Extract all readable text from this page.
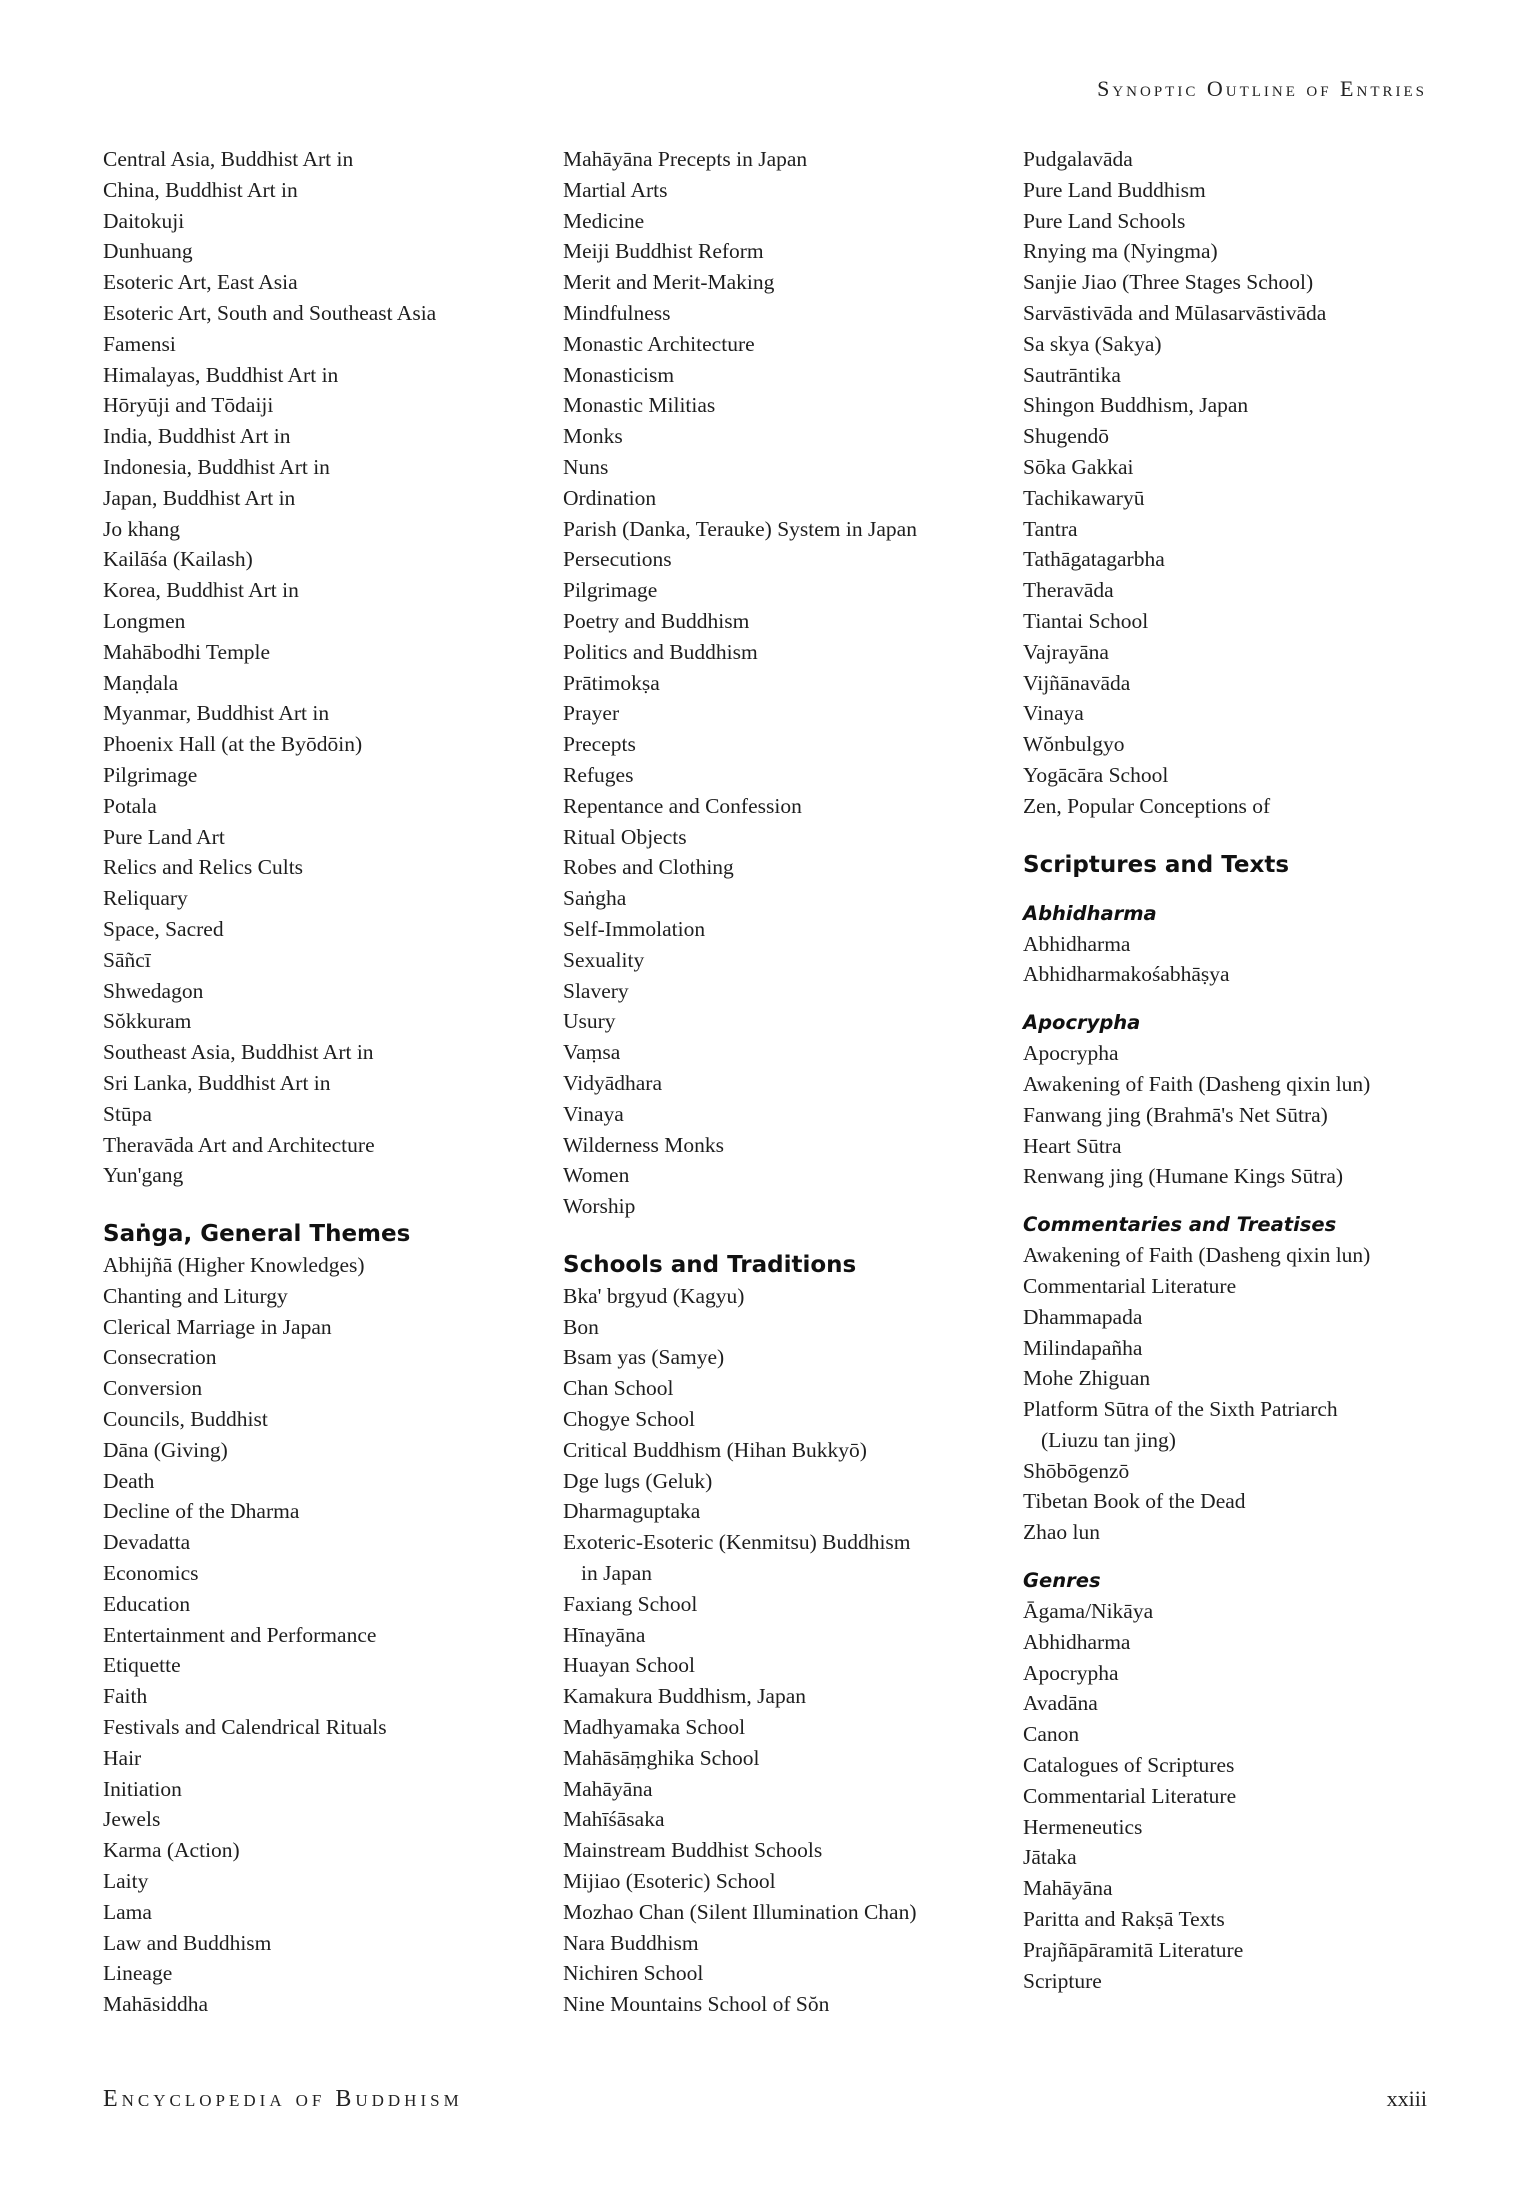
Synoptic Outline of Entries
Central Asia, Buddhist Art in
China, Buddhist Art in
Daitokuji
Dunhuang
Esoteric Art, East Asia
Esoteric Art, South and Southeast Asia
Famensi
Himalayas, Buddhist Art in
Hōryūji and Tōdaiji
India, Buddhist Art in
Indonesia, Buddhist Art in
Japan, Buddhist Art in
Jo khang
Kailāśa (Kailash)
Korea, Buddhist Art in
Longmen
Mahābodhi Temple
Maṇḍala
Myanmar, Buddhist Art in
Phoenix Hall (at the Byōdōin)
Pilgrimage
Potala
Pure Land Art
Relics and Relics Cults
Reliquary
Space, Sacred
Sāñcī
Shwedagon
Sŏkkuram
Southeast Asia, Buddhist Art in
Sri Lanka, Buddhist Art in
Stūpa
Theravāda Art and Architecture
Yun'gang
Saṅga, General Themes
Abhijñā (Higher Knowledges)
Chanting and Liturgy
Clerical Marriage in Japan
Consecration
Conversion
Councils, Buddhist
Dāna (Giving)
Death
Decline of the Dharma
Devadatta
Economics
Education
Entertainment and Performance
Etiquette
Faith
Festivals and Calendrical Rituals
Hair
Initiation
Jewels
Karma (Action)
Laity
Lama
Law and Buddhism
Lineage
Mahāsiddha
Mahāyāna Precepts in Japan
Martial Arts
Medicine
Meiji Buddhist Reform
Merit and Merit-Making
Mindfulness
Monastic Architecture
Monasticism
Monastic Militias
Monks
Nuns
Ordination
Parish (Danka, Terauke) System in Japan
Persecutions
Pilgrimage
Poetry and Buddhism
Politics and Buddhism
Prātimokṣa
Prayer
Precepts
Refuges
Repentance and Confession
Ritual Objects
Robes and Clothing
Saṅgha
Self-Immolation
Sexuality
Slavery
Usury
Vaṃsa
Vidyādhara
Vinaya
Wilderness Monks
Women
Worship
Schools and Traditions
Bka' brgyud (Kagyu)
Bon
Bsam yas (Samye)
Chan School
Chogye School
Critical Buddhism (Hihan Bukkyō)
Dge lugs (Geluk)
Dharmaguptaka
Exoteric-Esoteric (Kenmitsu) Buddhism
in Japan
Faxiang School
Hīnayāna
Huayan School
Kamakura Buddhism, Japan
Madhyamaka School
Mahāsāṃghika School
Mahāyāna
Mahīśāsaka
Mainstream Buddhist Schools
Mijiao (Esoteric) School
Mozhao Chan (Silent Illumination Chan)
Nara Buddhism
Nichiren School
Nine Mountains School of Sŏn
Pudgalavāda
Pure Land Buddhism
Pure Land Schools
Rnying ma (Nyingma)
Sanjie Jiao (Three Stages School)
Sarvāstivāda and Mūlasarvāstivāda
Sa skya (Sakya)
Sautrāntika
Shingon Buddhism, Japan
Shugendō
Sōka Gakkai
Tachikawaryū
Tantra
Tathāgatagarbha
Theravāda
Tiantai School
Vajrayāna
Vijñānavāda
Vinaya
Wŏnbulgyo
Yogācāra School
Zen, Popular Conceptions of
Scriptures and Texts
Abhidharma
Abhidharma
Abhidharmakośabhāṣya
Apocrypha
Apocrypha
Awakening of Faith (Dasheng qixin lun)
Fanwang jing (Brahmā's Net Sūtra)
Heart Sūtra
Renwang jing (Humane Kings Sūtra)
Commentaries and Treatises
Awakening of Faith (Dasheng qixin lun)
Commentarial Literature
Dhammapada
Milindapañha
Mohe Zhiguan
Platform Sūtra of the Sixth Patriarch
(Liuzu tan jing)
Shōbōgenzō
Tibetan Book of the Dead
Zhao lun
Genres
Āgama/Nikāya
Abhidharma
Apocrypha
Avadāna
Canon
Catalogues of Scriptures
Commentarial Literature
Hermeneutics
Jātaka
Mahāyāna
Paritta and Rakṣā Texts
Prajñāpāramitā Literature
Scripture
Encyclopedia of Buddhism	xxiii
